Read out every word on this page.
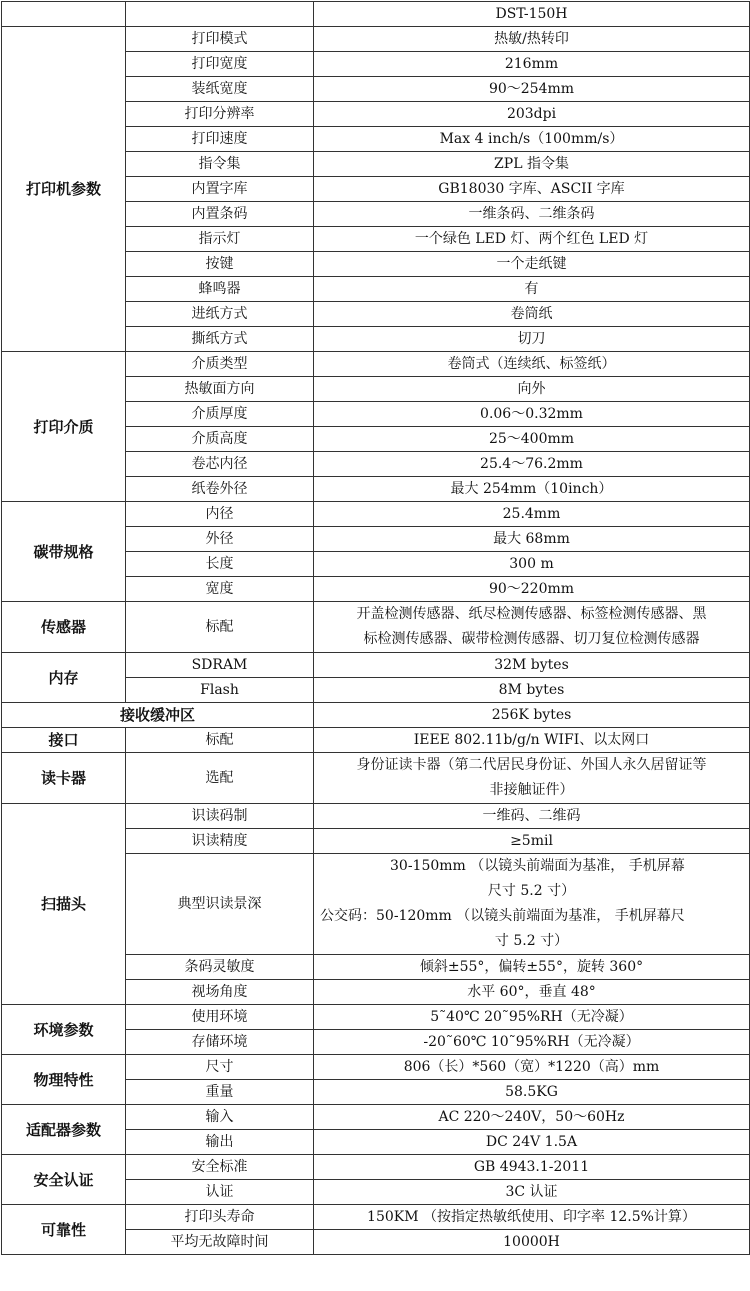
		DST-150H
打印机参数	打印模式	热敏/热转印
	打印宽度	216mm
	装纸宽度	90～254mm
	打印分辨率	203dpi
	打印速度	Max 4 inch/s（100mm/s）
	指令集	ZPL 指令集
	内置字库	GB18030 字库、ASCII 字库
	内置条码	一维条码、二维条码
	指示灯	一个绿色 LED 灯、两个红色 LED 灯
	按键	一个走纸键
	蜂鸣器	有
	进纸方式	卷筒纸
	撕纸方式	切刀
打印介质	介质类型	卷筒式（连续纸、标签纸）
	热敏面方向	向外
	介质厚度	0.06～0.32mm
	介质高度	25～400mm
	卷芯内径	25.4～76.2mm
	纸卷外径	最大 254mm（10inch）
碳带规格	内径	25.4mm
	外径	最大 68mm
	长度	300 m
	宽度	90～220mm
传感器	标配	开盖检测传感器、纸尽检测传感器、标签检测传感器、黑
标检测传感器、碳带检测传感器、切刀复位检测传感器

内存	SDRAM	32M bytes
	Flash	8M bytes
接收缓冲区		256K bytes
接口	标配	IEEE 802.11b/g/n WIFI、以太网口
读卡器	选配	身份证读卡器（第二代居民身份证、外国人永久居留证等
非接触证件）

扫描头	识读码制	一维码、二维码
	识读精度	≥5mil
	典型识读景深	30-150mm （以镜头前端面为基准， 手机屏幕
尺寸 5.2 寸）
公交码：50-120mm （以镜头前端面为基准， 手机屏幕尺
寸 5.2 寸）

	条码灵敏度	倾斜±55°，偏转±55°，旋转 360°
	视场角度	水平 60°，垂直 48°
环境参数	使用环境	5˜40℃ 20˜95%RH（无冷凝）
	存储环境	-20˜60℃ 10˜95%RH（无冷凝）
物理特性	尺寸	806（长）*560（宽）*1220（高）mm
	重量	58.5KG
适配器参数	输入	AC 220～240V，50～60Hz
	输出	DC 24V 1.5A
安全认证	安全标准	GB 4943.1-2011
	认证	3C 认证
可靠性	打印头寿命	150KM （按指定热敏纸使用、印字率 12.5%计算）
	平均无故障时间	10000H
